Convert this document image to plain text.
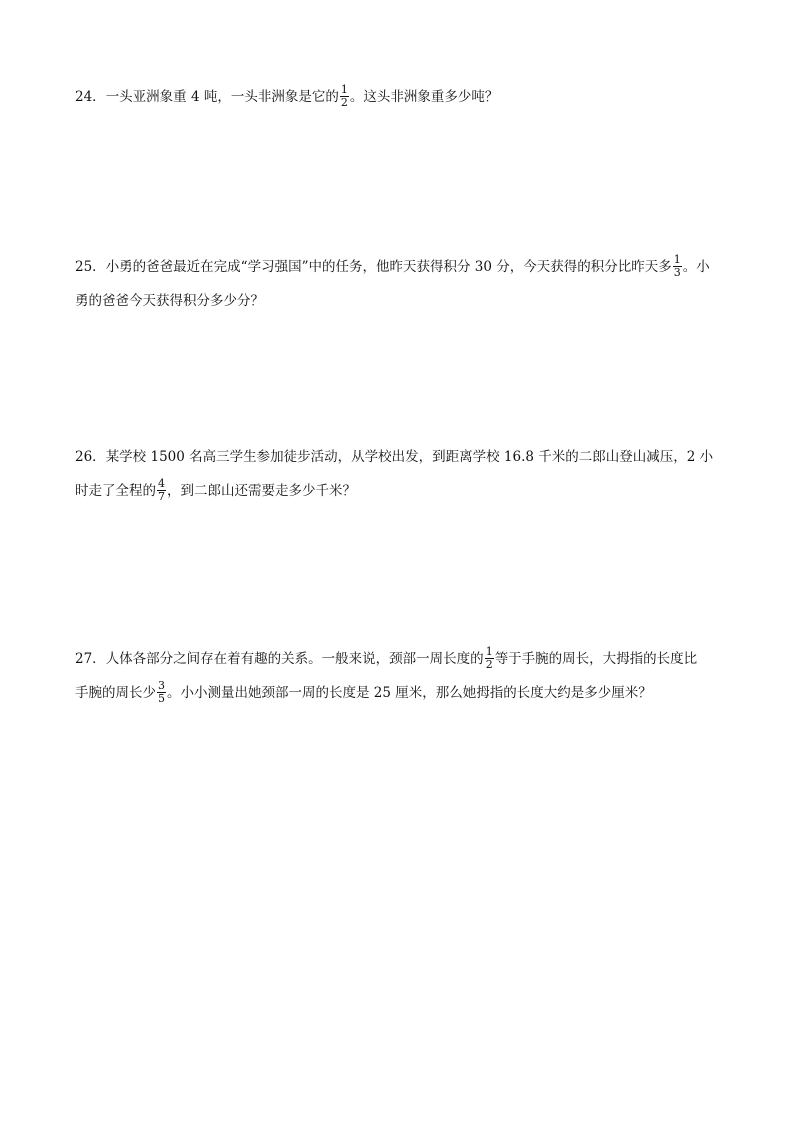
24．一头亚洲象重 4 吨，一头非洲象是它的 $\frac{1}{2}$ 。这头非洲象重多少吨？
25．小勇的爸爸最近在完成“学习强国”中的任务，他昨天获得积分 30 分，今天获得的积分比昨天多 $\frac{1}{3}$ 。小
勇的爸爸今天获得积分多少分？
26．某学校 1500 名高三学生参加徒步活动，从学校出发，到距离学校 16.8 千米的二郎山登山减压，2 小
时走了全程的 $\frac{4}{7}$ ，到二郎山还需要走多少千米？
27．人体各部分之间存在着有趣的关系。一般来说，颈部一周长度的 $\frac{1}{2}$ 等于手腕的周长，大拇指的长度比
手腕的周长少 $\frac{3}{5}$ 。小小测量出她颈部一周的长度是 25 厘米，那么她拇指的长度大约是多少厘米？
